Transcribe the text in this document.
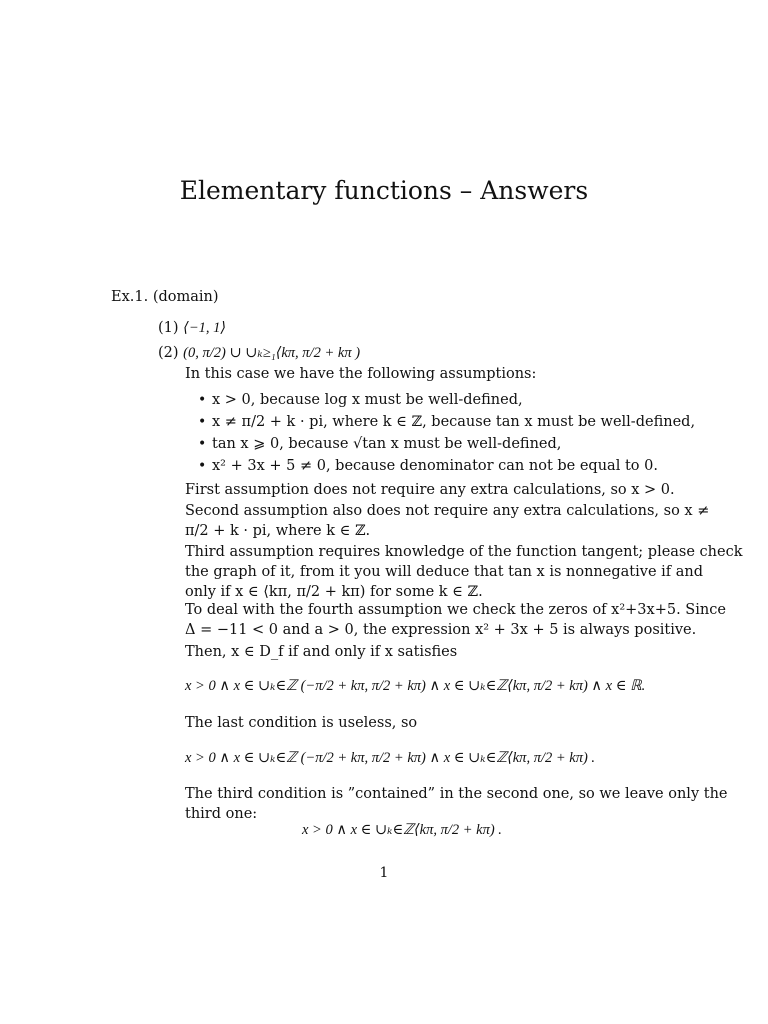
Elementary functions – Answers
Ex.1. (domain)
(1) ⟨−1, 1⟩
(2) (0, π/2) ∪ ∪ₖ≥₁⟨kπ, π/2 + kπ )
In this case we have the following assumptions:
• x > 0, because log x must be well-defined,
• x ≠ π/2 + k · pi, where k ∈ ℤ, because tan x must be well-defined,
• tan x ⩾ 0, because √tan x must be well-defined,
• x² + 3x + 5 ≠ 0, because denominator can not be equal to 0.
First assumption does not require any extra calculations, so x > 0.
Second assumption also does not require any extra calculations, so x ≠
π/2 + k · pi, where k ∈ ℤ.
Third assumption requires knowledge of the function tangent; please check
the graph of it, from it you will deduce that tan x is nonnegative if and
only if x ∈ ⟨kπ, π/2 + kπ) for some k ∈ ℤ.
To deal with the fourth assumption we check the zeros of x²+3x+5. Since
Δ = −11 < 0 and a > 0, the expression x² + 3x + 5 is always positive.
Then, x ∈ D_f if and only if x satisfies
x > 0 ∧ x ∈ ∪ₖ∈ℤ (−π/2 + kπ, π/2 + kπ) ∧ x ∈ ∪ₖ∈ℤ⟨kπ, π/2 + kπ) ∧ x ∈ ℝ.
The last condition is useless, so
x > 0 ∧ x ∈ ∪ₖ∈ℤ (−π/2 + kπ, π/2 + kπ) ∧ x ∈ ∪ₖ∈ℤ⟨kπ, π/2 + kπ) .
The third condition is ”contained” in the second one, so we leave only the
third one:
x > 0 ∧ x ∈ ∪ₖ∈ℤ⟨kπ, π/2 + kπ) .
1
